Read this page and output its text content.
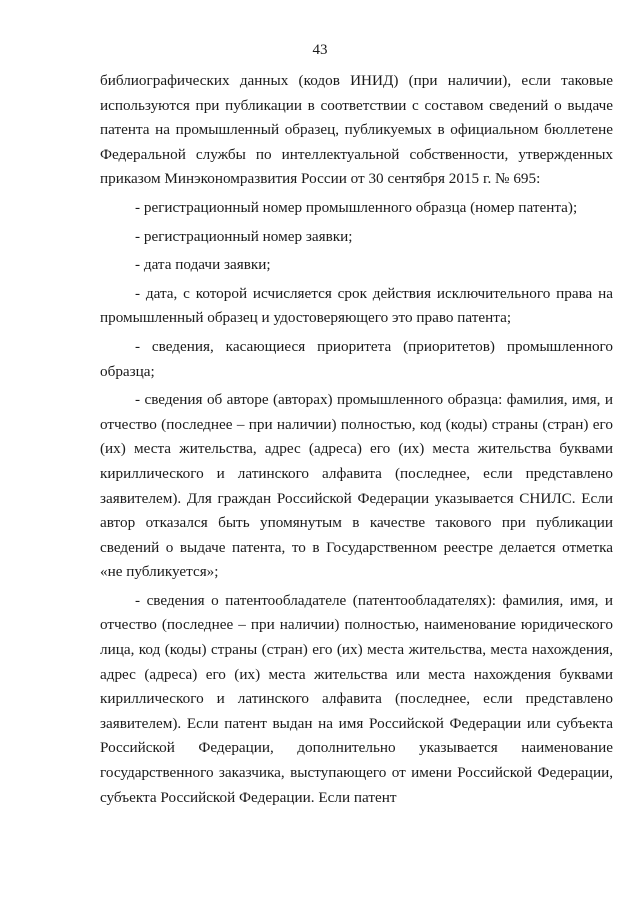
43

библиографических данных (кодов ИНИД) (при наличии), если таковые используются при публикации в соответствии с составом сведений о выдаче патента на промышленный образец, публикуемых в официальном бюллетене Федеральной службы по интеллектуальной собственности, утвержденных приказом Минэкономразвития России от 30 сентября 2015 г. № 695:

- регистрационный номер промышленного образца (номер патента);

- регистрационный номер заявки;

- дата подачи заявки;

- дата, с которой исчисляется срок действия исключительного права на промышленный образец и удостоверяющего это право патента;

- сведения, касающиеся приоритета (приоритетов) промышленного образца;

- сведения об авторе (авторах) промышленного образца: фамилия, имя, и отчество (последнее – при наличии) полностью, код (коды) страны (стран) его (их) места жительства, адрес (адреса) его (их) места жительства буквами кириллического и латинского алфавита (последнее, если представлено заявителем). Для граждан Российской Федерации указывается СНИЛС. Если автор отказался быть упомянутым в качестве такового при публикации сведений о выдаче патента, то в Государственном реестре делается отметка «не публикуется»;

- сведения о патентообладателе (патентообладателях): фамилия, имя, и отчество (последнее – при наличии) полностью, наименование юридического лица, код (коды) страны (стран) его (их) места жительства, места нахождения, адрес (адреса) его (их) места жительства или места нахождения буквами кириллического и латинского алфавита (последнее, если представлено заявителем). Если патент выдан на имя Российской Федерации или субъекта Российской Федерации, дополнительно указывается наименование государственного заказчика, выступающего от имени Российской Федерации, субъекта Российской Федерации. Если патент
